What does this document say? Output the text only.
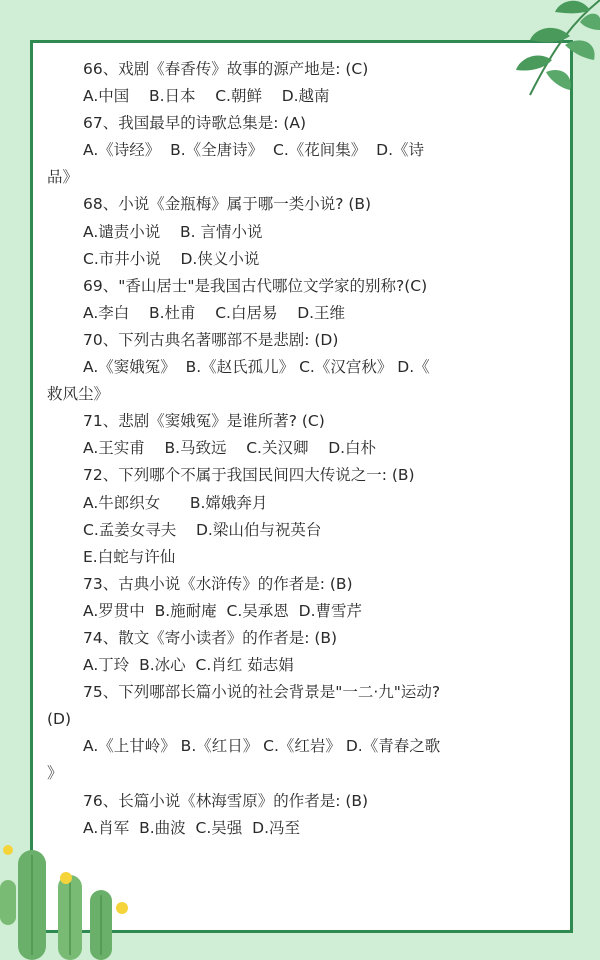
66、戏剧《春香传》故事的源产地是: (C)
A.中国    B.日本    C.朝鲜    D.越南
67、我国最早的诗歌总集是: (A)
A.《诗经》  B.《全唐诗》  C.《花间集》  D.《诗
品》
68、小说《金瓶梅》属于哪一类小说? (B)
A.谴责小说    B. 言情小说
C.市井小说    D.侠义小说
69、"香山居士"是我国古代哪位文学家的别称?(C)
A.李白    B.杜甫    C.白居易    D.王维
70、下列古典名著哪部不是悲剧: (D)
A.《窦娥冤》  B.《赵氏孤儿》 C.《汉宫秋》 D.《
救风尘》
71、悲剧《窦娥冤》是谁所著? (C)
A.王实甫    B.马致远    C.关汉卿    D.白朴
72、下列哪个不属于我国民间四大传说之一: (B)
A.牛郎织女      B.嫦娥奔月
C.孟姜女寻夫    D.梁山伯与祝英台
E.白蛇与许仙
73、古典小说《水浒传》的作者是: (B)
A.罗贯中  B.施耐庵  C.吴承恩  D.曹雪芹
74、散文《寄小读者》的作者是: (B)
A.丁玲  B.冰心  C.肖红 茹志娟
75、下列哪部长篇小说的社会背景是"一二·九"运动?
(D)
A.《上甘岭》 B.《红日》 C.《红岩》 D.《青春之歌
》
76、长篇小说《林海雪原》的作者是: (B)
A.肖军  B.曲波  C.吴强  D.冯至
